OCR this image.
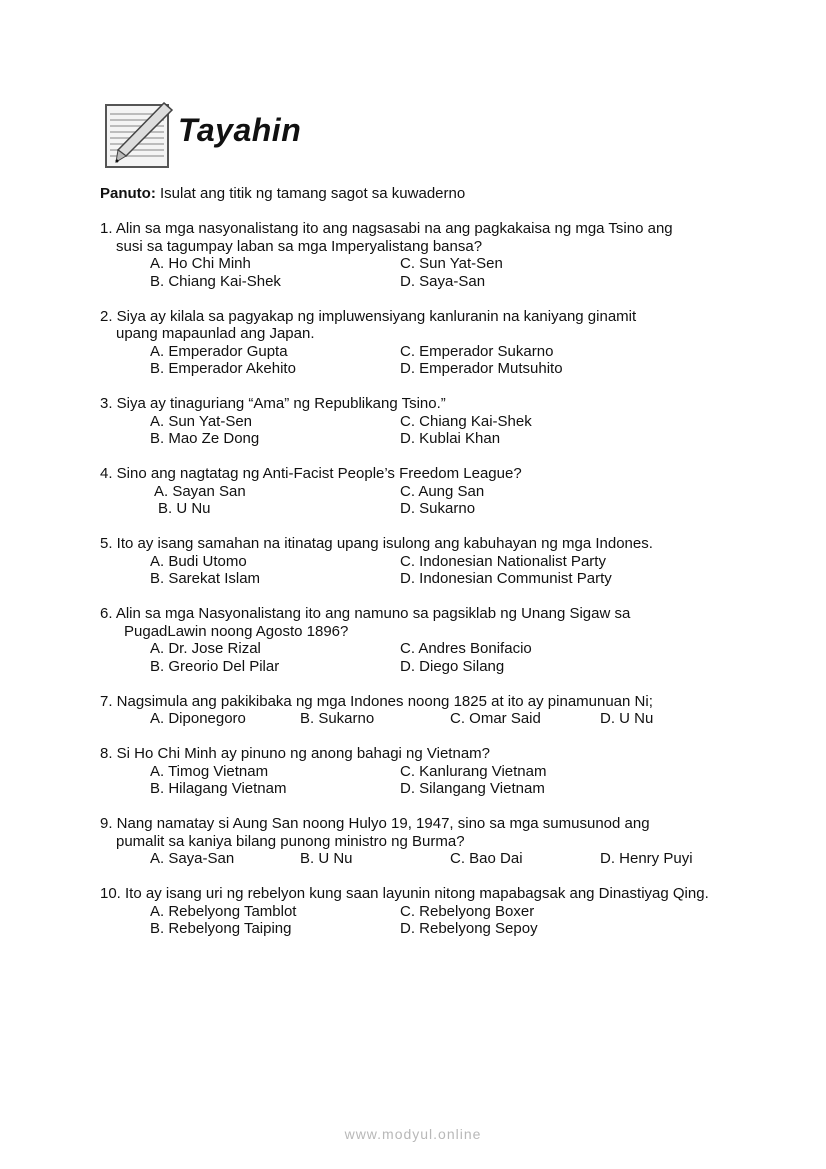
Tayahin
Panuto: Isulat ang titik ng tamang sagot sa kuwaderno
1. Alin sa mga nasyonalistang ito ang nagsasabi na ang pagkakaisa ng mga Tsino ang susi sa tagumpay laban sa mga Imperyalistang bansa?
A. Ho Chi Minh	C. Sun Yat-Sen
B. Chiang Kai-Shek	D. Saya-San
2. Siya ay kilala sa pagyakap ng impluwensiyang kanluranin na kaniyang ginamit upang mapaunlad ang Japan.
A. Emperador Gupta	C. Emperador Sukarno
B. Emperador Akehito	D. Emperador Mutsuhito
3. Siya ay tinaguriang “Ama” ng Republikang Tsino.”
A. Sun Yat-Sen	C. Chiang Kai-Shek
B. Mao Ze Dong	D. Kublai Khan
4. Sino ang nagtatag ng Anti-Facist People’s Freedom League?
A. Sayan San	C. Aung San
B. U Nu	D. Sukarno
5. Ito ay isang samahan na itinatag upang isulong ang kabuhayan ng mga Indones.
A. Budi Utomo	C. Indonesian Nationalist Party
B. Sarekat Islam	D. Indonesian Communist Party
6. Alin sa mga Nasyonalistang ito ang namuno sa pagsiklab ng Unang Sigaw sa PugadLawin noong Agosto 1896?
A. Dr. Jose Rizal	C. Andres Bonifacio
B. Greorio Del Pilar	D. Diego Silang
7. Nagsimula ang pakikibaka ng mga Indones noong 1825 at ito ay pinamunuan Ni;
A. Diponegoro	B. Sukarno	C. Omar Said	D. U Nu
8. Si Ho Chi Minh ay pinuno ng anong bahagi ng Vietnam?
A. Timog Vietnam	C. Kanlurang Vietnam
B. Hilagang Vietnam	D. Silangang Vietnam
9. Nang namatay si Aung San noong Hulyo 19, 1947, sino sa mga sumusunod ang pumalit sa kaniya bilang punong ministro ng Burma?
A. Saya-San	B. U Nu	C. Bao Dai	D. Henry Puyi
10. Ito ay isang uri ng rebelyon kung saan layunin nitong mapabagsak ang Dinastiyag Qing.
A. Rebelyong Tamblot	C. Rebelyong Boxer
B. Rebelyong Taiping	D. Rebelyong Sepoy
www.modyul.online
